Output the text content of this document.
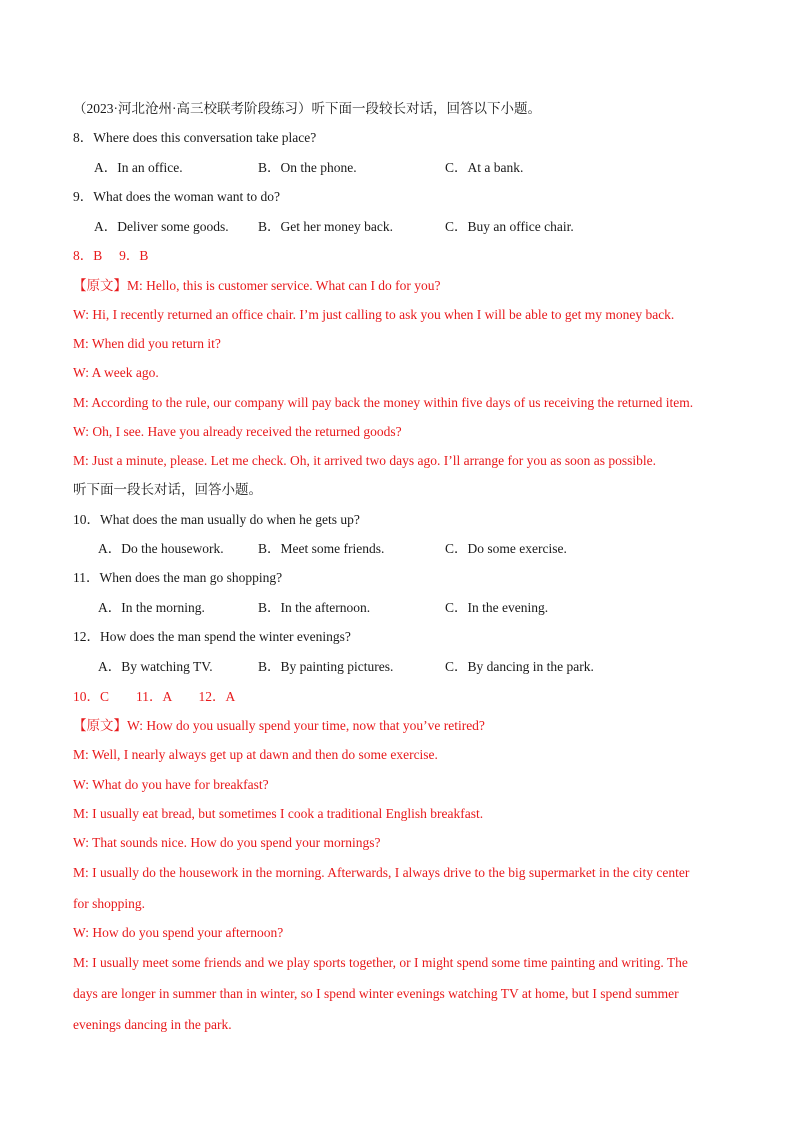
（2023·河北沧州·高三校联考阶段练习）听下面一段较长对话，回答以下小题。
8．Where does this conversation take place?
A．In an office.	B．On the phone.	C．At a bank.
9．What does the woman want to do?
A．Deliver some goods. B．Get her money back.	C．Buy an office chair.
8．B　 9．B
【原文】M: Hello, this is customer service. What can I do for you?
W: Hi, I recently returned an office chair. I’m just calling to ask you when I will be able to get my money back.
M: When did you return it?
W: A week ago.
M: According to the rule, our company will pay back the money within five days of us receiving the returned item.
W: Oh, I see. Have you already received the returned goods?
M: Just a minute, please. Let me check. Oh, it arrived two days ago. I’ll arrange for you as soon as possible.
听下面一段长对话，回答小题。
10．What does the man usually do when he gets up?
A．Do the housework.	B．Meet some friends.	C．Do some exercise.
11．When does the man go shopping?
A．In the morning.	B．In the afternoon.	C．In the evening.
12．How does the man spend the winter evenings?
A．By watching TV.	B．By painting pictures.	C．By dancing in the park.
10．C　　11．A　　12．A
【原文】W: How do you usually spend your time, now that you’ve retired?
M: Well, I nearly always get up at dawn and then do some exercise.
W: What do you have for breakfast?
M: I usually eat bread, but sometimes I cook a traditional English breakfast.
W: That sounds nice. How do you spend your mornings?
M: I usually do the housework in the morning. Afterwards, I always drive to the big supermarket in the city center
for shopping.
W: How do you spend your afternoon?
M: I usually meet some friends and we play sports together, or I might spend some time painting and writing. The
days are longer in summer than in winter, so I spend winter evenings watching TV at home, but I spend summer
evenings dancing in the park.
